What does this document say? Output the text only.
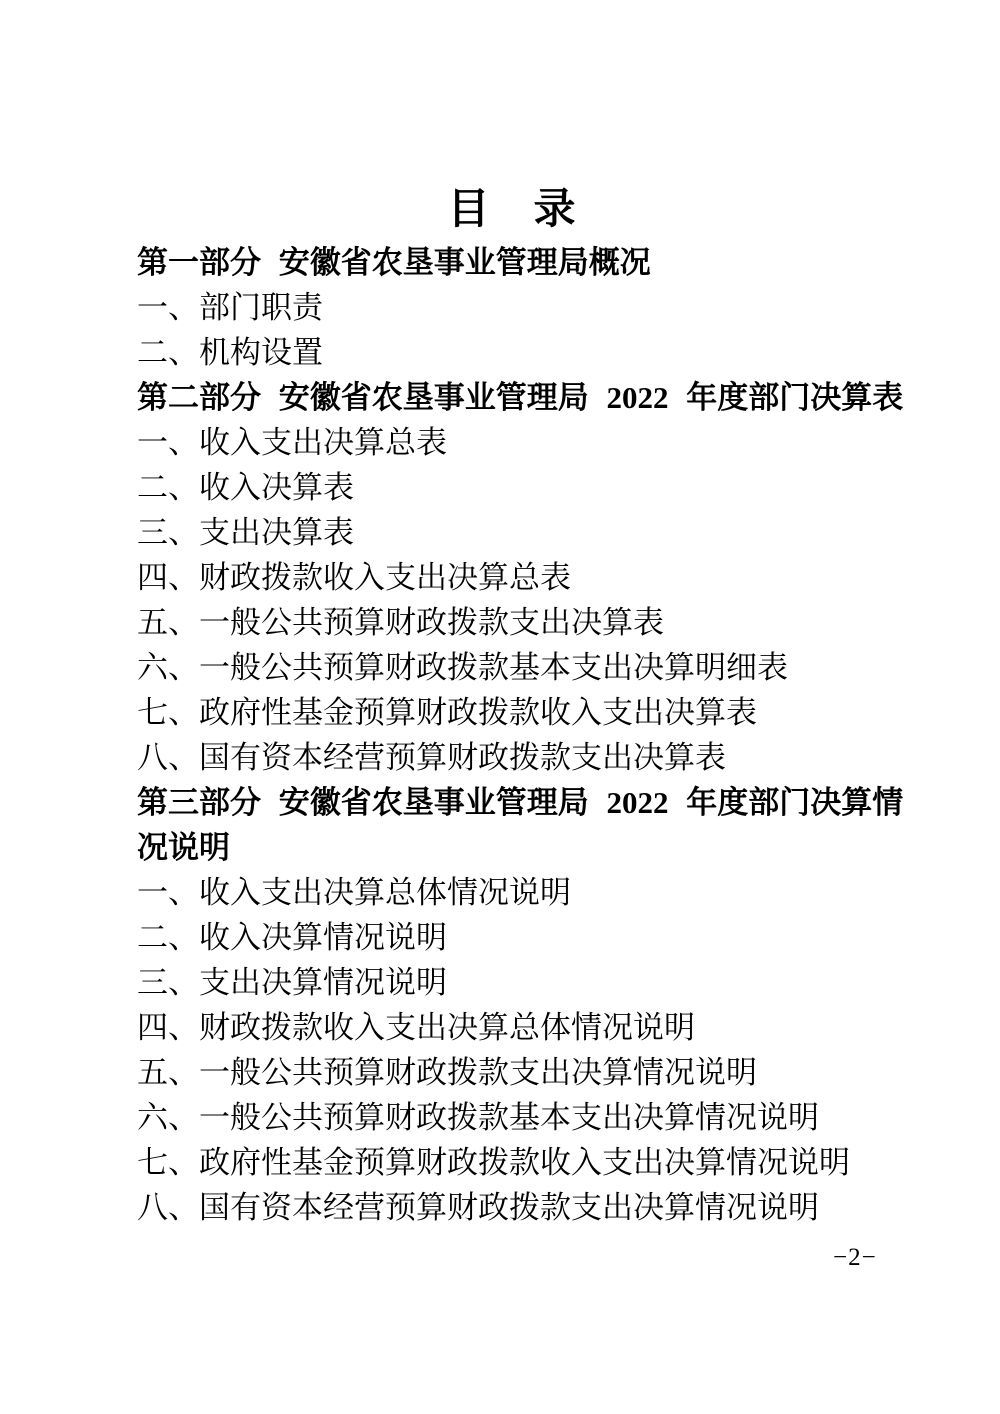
目　录
第一部分 安徽省农垦事业管理局概况
一、部门职责
二、机构设置
第二部分 安徽省农垦事业管理局 2022 年度部门决算表
一、收入支出决算总表
二、收入决算表
三、支出决算表
四、财政拨款收入支出决算总表
五、一般公共预算财政拨款支出决算表
六、一般公共预算财政拨款基本支出决算明细表
七、政府性基金预算财政拨款收入支出决算表
八、国有资本经营预算财政拨款支出决算表
第三部分 安徽省农垦事业管理局 2022 年度部门决算情况说明
一、收入支出决算总体情况说明
二、收入决算情况说明
三、支出决算情况说明
四、财政拨款收入支出决算总体情况说明
五、一般公共预算财政拨款支出决算情况说明
六、一般公共预算财政拨款基本支出决算情况说明
七、政府性基金预算财政拨款收入支出决算情况说明
八、国有资本经营预算财政拨款支出决算情况说明
−2−
